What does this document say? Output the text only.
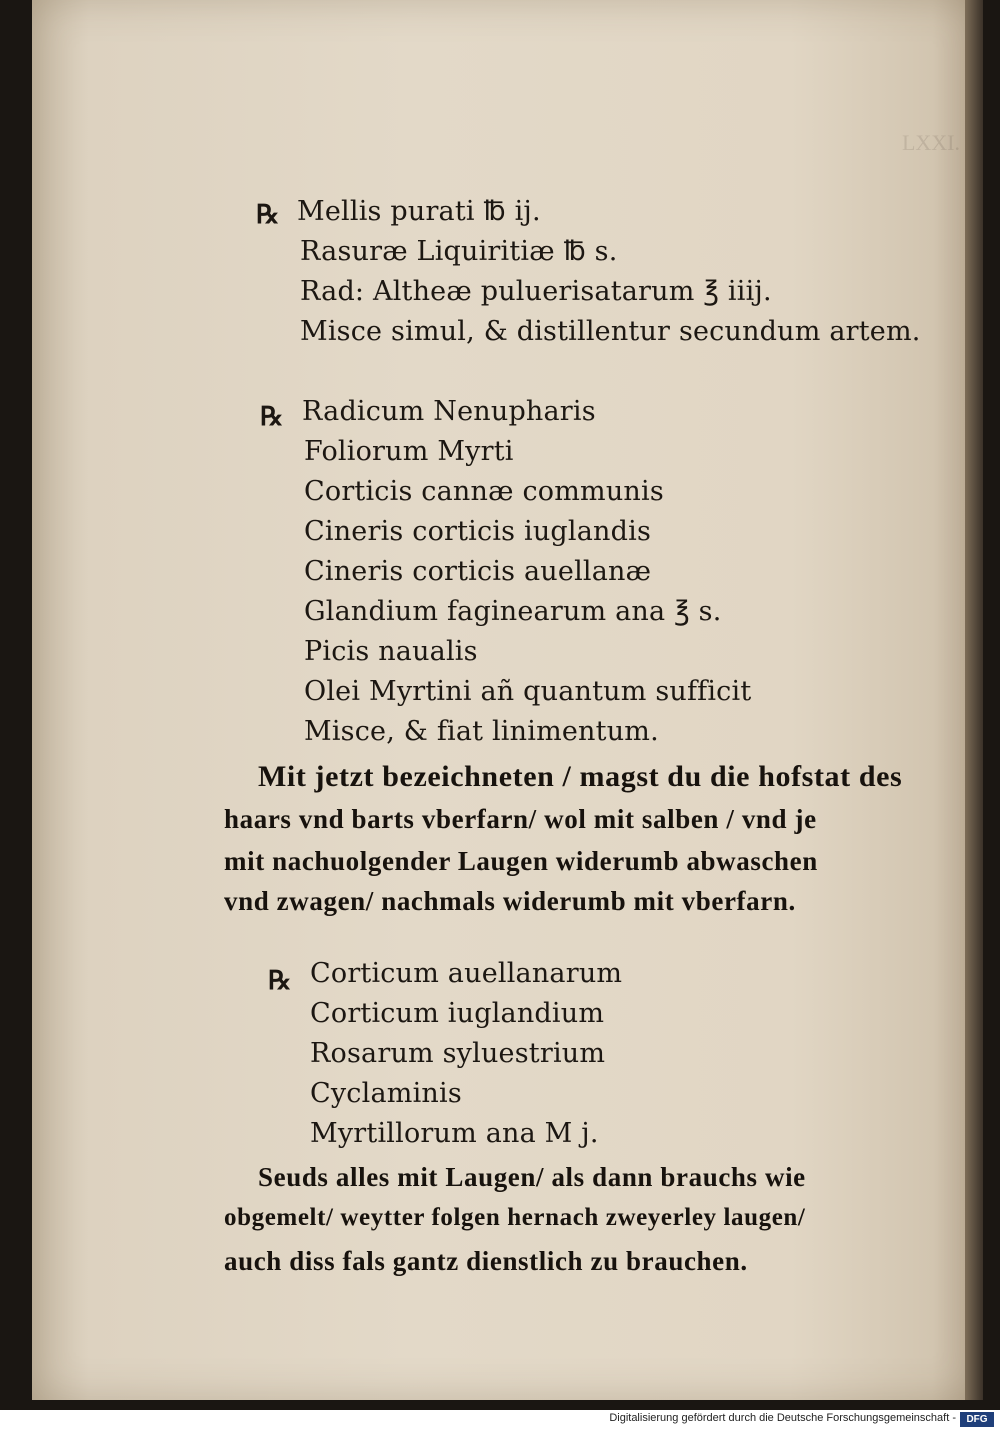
LXXI.
℞ Mellis purati ℔ ij.
Rasuræ Liquiritiæ ℔ s.
Rad: Altheæ puluerisatarum ℥ iiij.
Misce simul, & distillentur secundum artem.
℞ Radicum Nenupharis
Foliorum Myrti
Corticis cannæ communis
Cineris corticis iuglandis
Cineris corticis auellanæ
Glandium faginearum ana ℥ s.
Picis naualis
Olei Myrtini añ quantum sufficit
Misce, & fiat linimentum.
Mit jetzt bezeichneten / magst du die hofstat des
haars vnd barts vberfarn/ wol mit salben / vnd je
mit nachuolgender Laugen widerumb abwaschen
vnd zwagen/ nachmals widerumb mit vberfarn.
℞ Corticum auellanarum
Corticum iuglandium
Rosarum syluestrium
Cyclaminis
Myrtillorum ana M j.
Seuds alles mit Laugen/ als dann brauchs wie
obgemelt/ weytter folgen hernach zweyerley laugen/
auch diss fals gantz dienstlich zu brauchen.
Digitalisierung gefördert durch die Deutsche Forschungsgemeinschaft -	DFG
